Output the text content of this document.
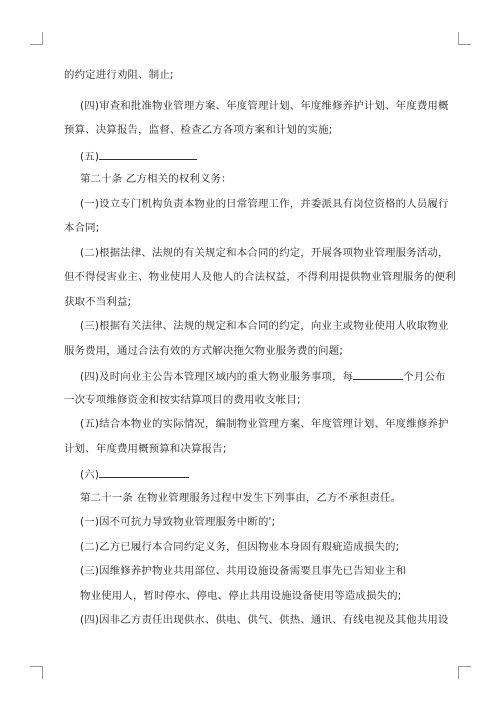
的约定进行劝阻、制止;
(四)审查和批准物业管理方案、年度管理计划、年度维修养护计划、年度费用概
预算、决算报告，监督、检查乙方各项方案和计划的实施;
(五)
第二十条 乙方相关的权利义务：
(一)设立专门机构负责本物业的日常管理工作，并委派具有岗位资格的人员履行
本合同;
(二)根据法律、法规的有关规定和本合同的约定，开展各项物业管理服务活动，
但不得侵害业主、物业使用人及他人的合法权益，不得利用提供物业管理服务的便利
获取不当利益;
(三)根据有关法律、法规的规定和本合同的约定，向业主或物业使用人收取物业
服务费用，通过合法有效的方式解决拖欠物业服务费的问题;
(四)及时向业主公告本管理区域内的重大物业服务事项，每	个月公布
一次专项维修资金和按实结算项目的费用收支帐目;
(五)结合本物业的实际情况，编制物业管理方案、年度管理计划、年度维修养护
计划、年度费用概预算和决算报告;
(六)
第二十一条 在物业管理服务过程中发生下列事由，乙方不承担责任。
(一)因不可抗力导致物业管理服务中断的';
(二)乙方已履行本合同约定义务，但因物业本身固有瑕疵造成损失的;
(三)因维修养护物业共用部位、共用设施设备需要且事先已告知业主和
物业使用人，暂时停水、停电、停止共用设施设备使用等造成损失的;
(四)因非乙方责任出现供水、供电、供气、供热、通讯、有线电视及其他共用设
